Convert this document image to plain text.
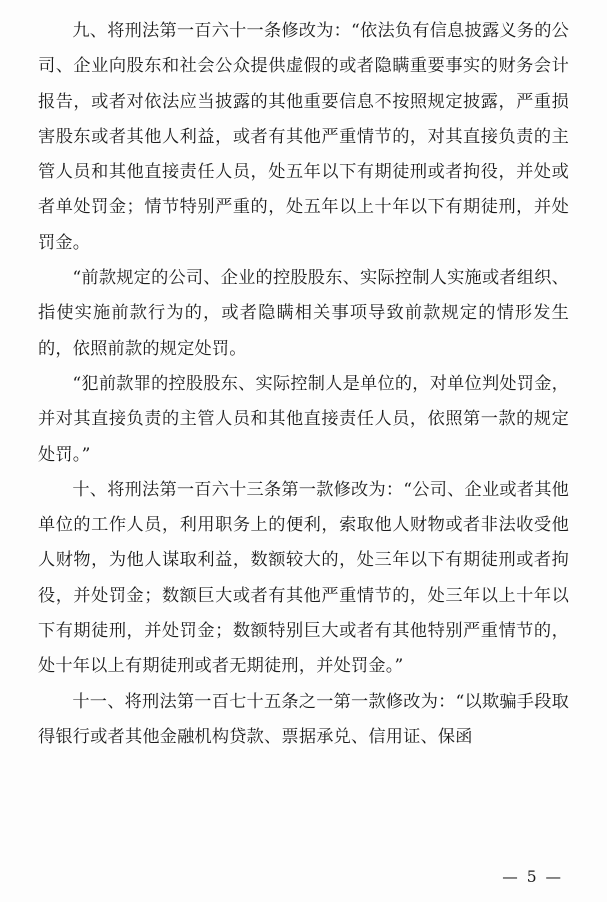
九、将刑法第一百六十一条修改为：“依法负有信息披露义务的公司、企业向股东和社会公众提供虚假的或者隐瞒重要事实的财务会计报告，或者对依法应当披露的其他重要信息不按照规定披露，严重损害股东或者其他人利益，或者有其他严重情节的，对其直接负责的主管人员和其他直接责任人员，处五年以下有期徒刑或者拘役，并处或者单处罚金；情节特别严重的，处五年以上十年以下有期徒刑，并处罚金。

“前款规定的公司、企业的控股股东、实际控制人实施或者组织、指使实施前款行为的，或者隐瞒相关事项导致前款规定的情形发生的，依照前款的规定处罚。

“犯前款罪的控股股东、实际控制人是单位的，对单位判处罚金，并对其直接负责的主管人员和其他直接责任人员，依照第一款的规定处罚。”

十、将刑法第一百六十三条第一款修改为：“公司、企业或者其他单位的工作人员，利用职务上的便利，索取他人财物或者非法收受他人财物，为他人谋取利益，数额较大的，处三年以下有期徒刑或者拘役，并处罚金；数额巨大或者有其他严重情节的，处三年以上十年以下有期徒刑，并处罚金；数额特别巨大或者有其他特别严重情节的，处十年以上有期徒刑或者无期徒刑，并处罚金。”

十一、将刑法第一百七十五条之一第一款修改为：“以欺骗手段取得银行或者其他金融机构贷款、票据承兑、信用证、保函

— 5 —
